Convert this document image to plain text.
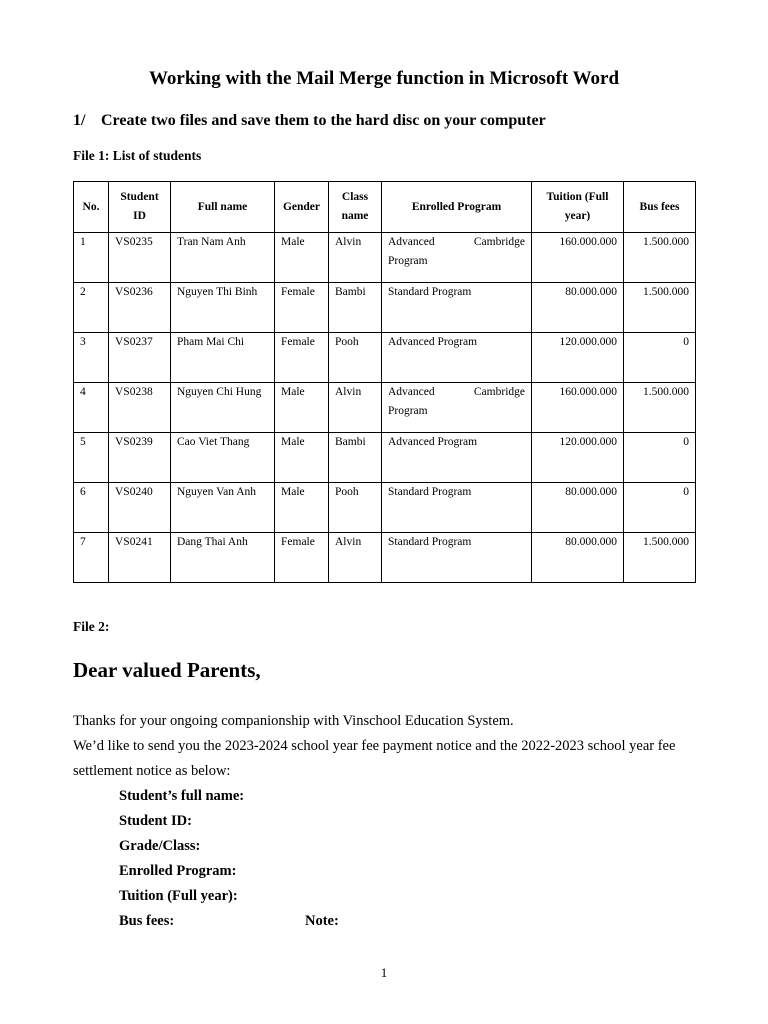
Working with the Mail Merge function in Microsoft Word
1/ Create two files and save them to the hard disc on your computer
File 1: List of students
No.	Student ID	Full name	Gender	Class name	Enrolled Program	Tuition (Full year)	Bus fees
1	VS0235	Tran Nam Anh	Male	Alvin	Advanced Cambridge
Program	160.000.000	1.500.000
2	VS0236	Nguyen Thi Binh	Female	Bambi	Standard Program	80.000.000	1.500.000
3	VS0237	Pham Mai Chi	Female	Pooh	Advanced Program	120.000.000	0
4	VS0238	Nguyen Chi Hung	Male	Alvin	Advanced Cambridge
Program	160.000.000	1.500.000
5	VS0239	Cao Viet Thang	Male	Bambi	Advanced Program	120.000.000	0
6	VS0240	Nguyen Van Anh	Male	Pooh	Standard Program	80.000.000	0
7	VS0241	Dang Thai Anh	Female	Alvin	Standard Program	80.000.000	1.500.000
File 2:
Dear valued Parents,
Thanks for your ongoing companionship with Vinschool Education System.
We’d like to send you the 2023-2024 school year fee payment notice and the 2022-2023 school year fee settlement notice as below:
Student’s full name:
Student ID:
Grade/Class:
Enrolled Program:
Tuition (Full year):
Bus fees:	Note:
1
